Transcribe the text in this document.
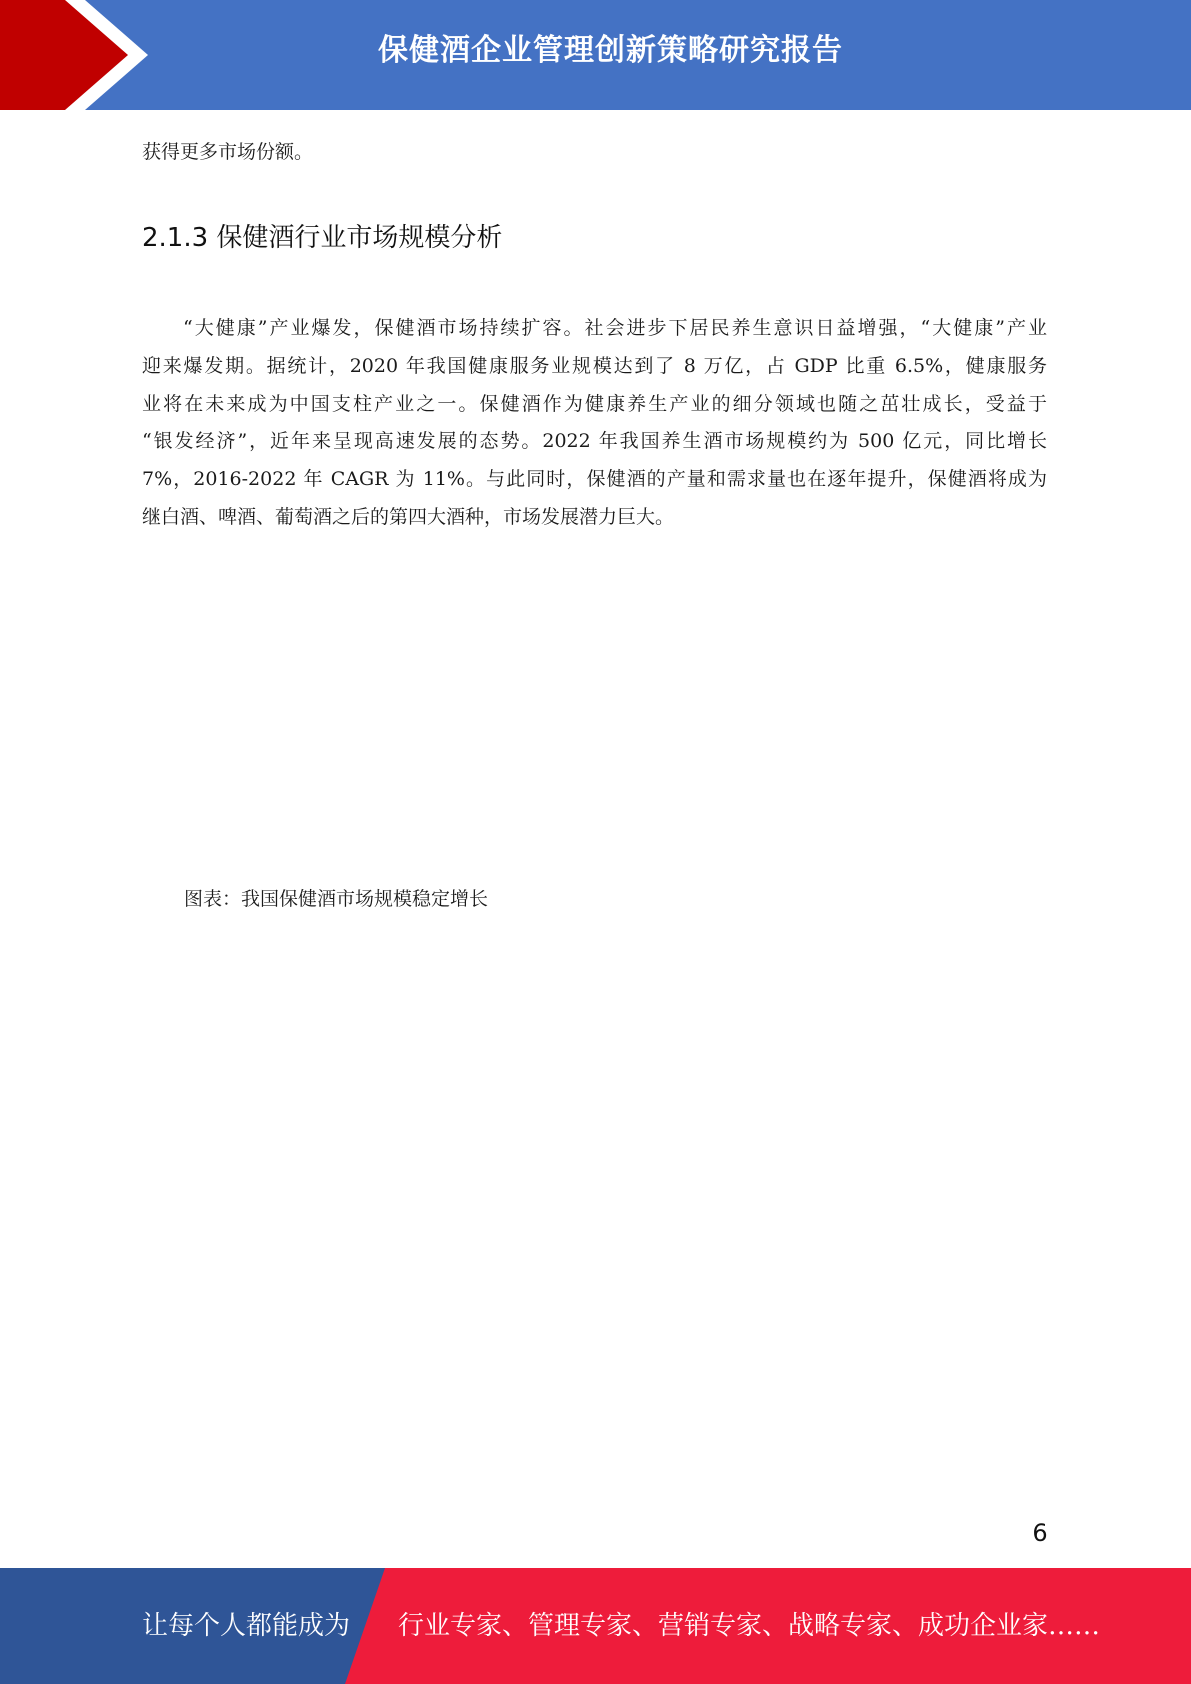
保健酒企业管理创新策略研究报告
获得更多市场份额。
2.1.3 保健酒行业市场规模分析
“大健康”产业爆发，保健酒市场持续扩容。社会进步下居民养生意识日益增强，“大健康”产业
迎来爆发期。据统计，2020 年我国健康服务业规模达到了 8 万亿，占 GDP 比重 6.5%，健康服务
业将在未来成为中国支柱产业之一。保健酒作为健康养生产业的细分领域也随之茁壮成长，受益于
“银发经济”，近年来呈现高速发展的态势。2022 年我国养生酒市场规模约为 500 亿元，同比增长
7%，2016-2022 年 CAGR 为 11%。与此同时，保健酒的产量和需求量也在逐年提升，保健酒将成为
继白酒、啤酒、葡萄酒之后的第四大酒种，市场发展潜力巨大。
图表：我国保健酒市场规模稳定增长
6
让每个人都能成为 行业专家、管理专家、营销专家、战略专家、成功企业家……
